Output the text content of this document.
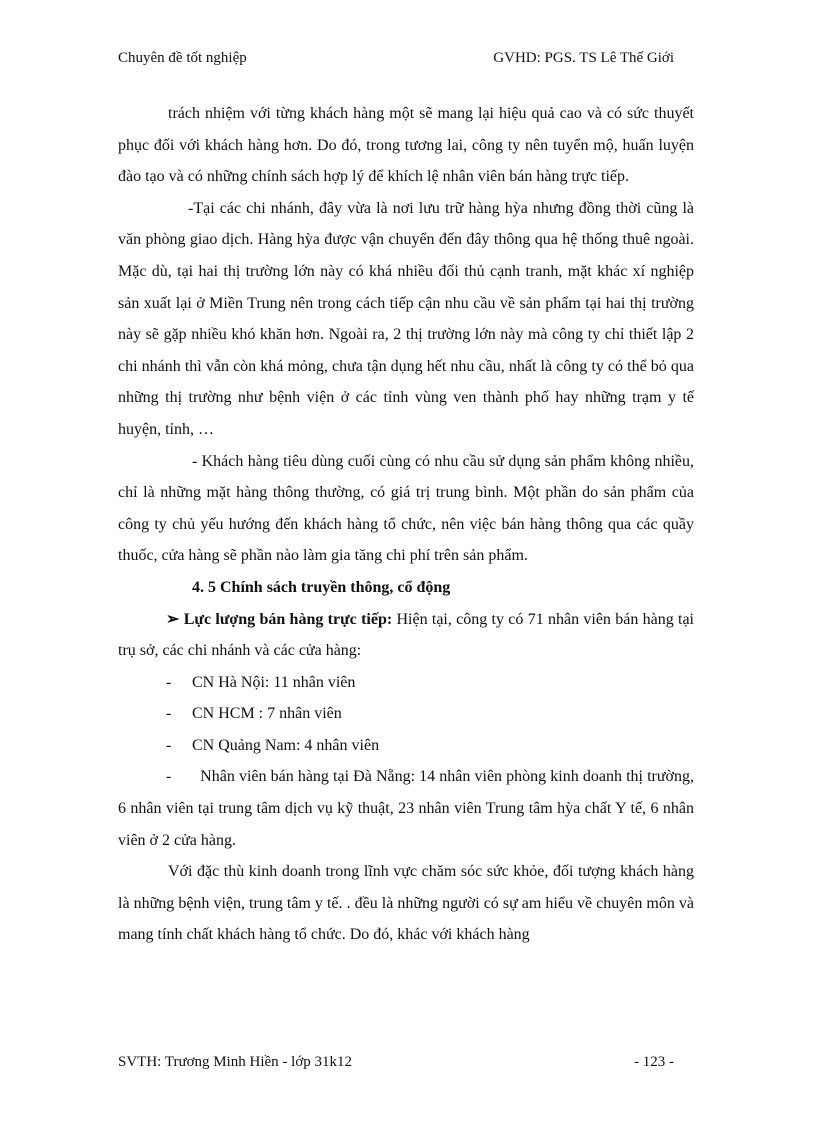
Chuyên đề tốt nghiệp	GVHD: PGS. TS Lê Thế Giới

trách nhiệm với từng khách hàng một sẽ mang lại hiệu quả cao và có sức thuyết phục đối với khách hàng hơn. Do đó, trong tương lai, công ty nên tuyển mộ, huấn luyện đào tạo và có những chính sách hợp lý để khích lệ nhân viên bán hàng trực tiếp.

-Tại các chi nhánh, đây vừa là nơi lưu trữ hàng hỳa nhưng đồng thời cũng là văn phòng giao dịch. Hàng hỳa được vận chuyển đến đây thông qua hệ thống thuê ngoài. Mặc dù, tại hai thị trường lớn này có khá nhiều đối thủ cạnh tranh, mặt khác xí nghiệp sản xuất lại ở Miền Trung nên trong cách tiếp cận nhu cầu về sản phẩm tại hai thị trường này sẽ gặp nhiều khó khăn hơn. Ngoài ra, 2 thị trường lớn này mà công ty chỉ thiết lập 2 chi nhánh thì vẫn còn khá mỏng, chưa tận dụng hết nhu cầu, nhất là công ty có thể bỏ qua những thị trường như bệnh viện ở các tỉnh vùng ven thành phố hay những trạm y tế huyện, tỉnh, …

- Khách hàng tiêu dùng cuối cùng có nhu cầu sử dụng sản phẩm không nhiều, chỉ là những mặt hàng thông thường, có giá trị trung bình. Một phần do sản phẩm của công ty chủ yếu hướng đến khách hàng tổ chức, nên việc bán hàng thông qua các quầy thuốc, cửa hàng sẽ phần nào làm gia tăng chi phí trên sản phẩm.

4. 5 Chính sách truyền thông, cổ động

➢ Lực lượng bán hàng trực tiếp: Hiện tại, công ty có 71 nhân viên bán hàng tại trụ sở, các chi nhánh và các cửa hàng:

- CN Hà Nội: 11 nhân viên
- CN HCM : 7 nhân viên
- CN Quảng Nam: 4 nhân viên

- Nhân viên bán hàng tại Đà Nẵng: 14 nhân viên phòng kinh doanh thị trường, 6 nhân viên tại trung tâm dịch vụ kỹ thuật, 23 nhân viên Trung tâm hỳa chất Y tế, 6 nhân viên ở 2 cửa hàng.

Với đặc thù kinh doanh trong lĩnh vực chăm sóc sức khỏe, đối tượng khách hàng là những bệnh viện, trung tâm y tế. . đều là những người có sự am hiểu về chuyên môn và mang tính chất khách hàng tổ chức. Do đó, khác với khách hàng

SVTH: Trương Minh Hiền - lớp 31k12	- 123 -
